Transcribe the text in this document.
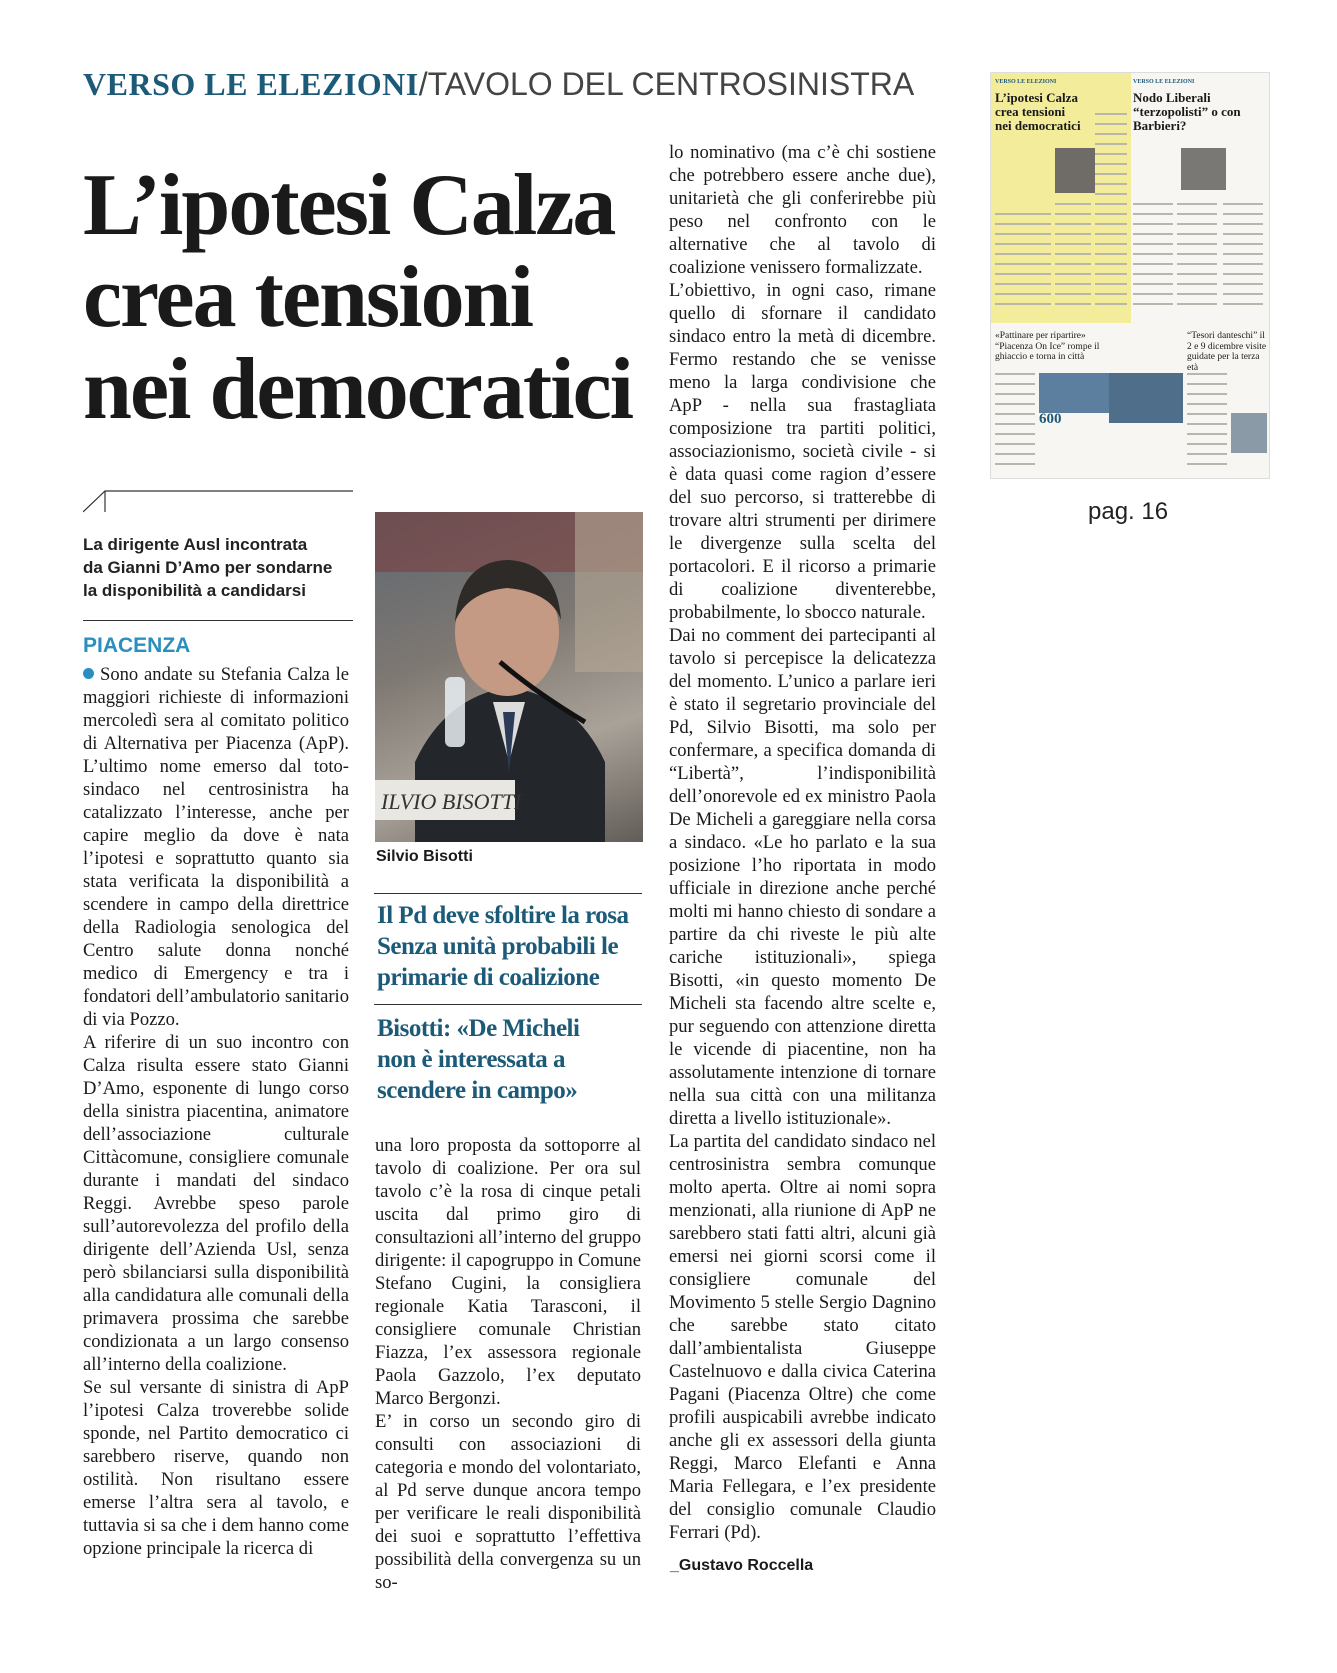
VERSO LE ELEZIONI/TAVOLO DEL CENTROSINISTRA
L’ipotesi Calza
crea tensioni
nei democratici
La dirigente Ausl incontrata
da Gianni D’Amo per sondarne
la disponibilità a candidarsi
PIACENZA

Sono andate su Stefania Calza le maggiori richieste di informazioni mercoledì sera al comitato politico di Alternativa per Piacenza (ApP). L’ultimo nome emerso dal toto-sindaco nel centrosinistra ha catalizzato l’interesse, anche per capire meglio da dove è nata l’ipotesi e soprattutto quanto sia stata verificata la disponibilità a scendere in campo della direttrice della Radiologia senologica del Centro salute donna nonché medico di Emergency e tra i fondatori dell’ambulatorio sanitario di via Pozzo.

A riferire di un suo incontro con Calza risulta essere stato Gianni D’Amo, esponente di lungo corso della sinistra piacentina, animatore dell’associazione culturale Cittàcomune, consigliere comunale durante i mandati del sindaco Reggi. Avrebbe speso parole sull’autorevolezza del profilo della dirigente dell’Azienda Usl, senza però sbilanciarsi sulla disponibilità alla candidatura alle comunali della primavera prossima che sarebbe condizionata a un largo consenso all’interno della coalizione.

Se sul versante di sinistra di ApP l’ipotesi Calza troverebbe solide sponde, nel Partito democratico ci sarebbero riserve, quando non ostilità. Non risultano essere emerse l’altra sera al tavolo, e tuttavia si sa che i dem hanno come opzione principale la ricerca di

ILVIO BISOTTI
Silvio Bisotti
Il Pd deve sfoltire la rosa
Senza unità probabili le
primarie di coalizione
Bisotti: «De Micheli
non è interessata a
scendere in campo»

una loro proposta da sottoporre al tavolo di coalizione. Per ora sul tavolo c’è la rosa di cinque petali uscita dal primo giro di consultazioni all’interno del gruppo dirigente: il capogruppo in Comune Stefano Cugini, la consigliera regionale Katia Tarasconi, il consigliere comunale Christian Fiazza, l’ex assessora regionale Paola Gazzolo, l’ex deputato Marco Bergonzi.

E’ in corso un secondo giro di consulti con associazioni di categoria e mondo del volontariato, al Pd serve dunque ancora tempo per verificare le reali disponibilità dei suoi e soprattutto l’effettiva possibilità della convergenza su un so-

lo nominativo (ma c’è chi sostiene che potrebbero essere anche due), unitarietà che gli conferirebbe più peso nel confronto con le alternative che al tavolo di coalizione venissero formalizzate.

L’obiettivo, in ogni caso, rimane quello di sfornare il candidato sindaco entro la metà di dicembre. Fermo restando che se venisse meno la larga condivisione che ApP - nella sua frastagliata composizione tra partiti politici, associazionismo, società civile - si è data quasi come ragion d’essere del suo percorso, si tratterebbe di trovare altri strumenti per dirimere le divergenze sulla scelta del portacolori. E il ricorso a primarie di coalizione diventerebbe, probabilmente, lo sbocco naturale.

Dai no comment dei partecipanti al tavolo si percepisce la delicatezza del momento. L’unico a parlare ieri è stato il segretario provinciale del Pd, Silvio Bisotti, ma solo per confermare, a specifica domanda di “Libertà”, l’indisponibilità dell’onorevole ed ex ministro Paola De Micheli a gareggiare nella corsa a sindaco. «Le ho parlato e la sua posizione l’ho riportata in modo ufficiale in direzione anche perché molti mi hanno chiesto di sondare a partire da chi riveste le più alte cariche istituzionali», spiega Bisotti, «in questo momento De Micheli sta facendo altre scelte e, pur seguendo con attenzione diretta le vicende di piacentine, non ha assolutamente intenzione di tornare nella sua città con una militanza diretta a livello istituzionale».

La partita del candidato sindaco nel centrosinistra sembra comunque molto aperta. Oltre ai nomi sopra menzionati, alla riunione di ApP ne sarebbero stati fatti altri, alcuni già emersi nei giorni scorsi come il consigliere comunale del Movimento 5 stelle Sergio Dagnino che sarebbe stato citato dall’ambientalista Giuseppe Castelnuovo e dalla civica Caterina Pagani (Piacenza Oltre) che come profili auspicabili avrebbe indicato anche gli ex assessori della giunta Reggi, Marco Elefanti e Anna Maria Fellegara, e l’ex presidente del consiglio comunale Claudio Ferrari (Pd).

_Gustavo Roccella
VERSO LE ELEZIONI
L’ipotesi Calza crea tensioni nei democratici
VERSO LE ELEZIONI
Nodo Liberali “terzopolisti” o con Barbieri?
«Pattinare per ripartire» “Piacenza On Ice” rompe il ghiaccio e torna in città
“Tesori danteschi” il 2 e 9 dicembre visite guidate per la terza età
600
pag. 16
